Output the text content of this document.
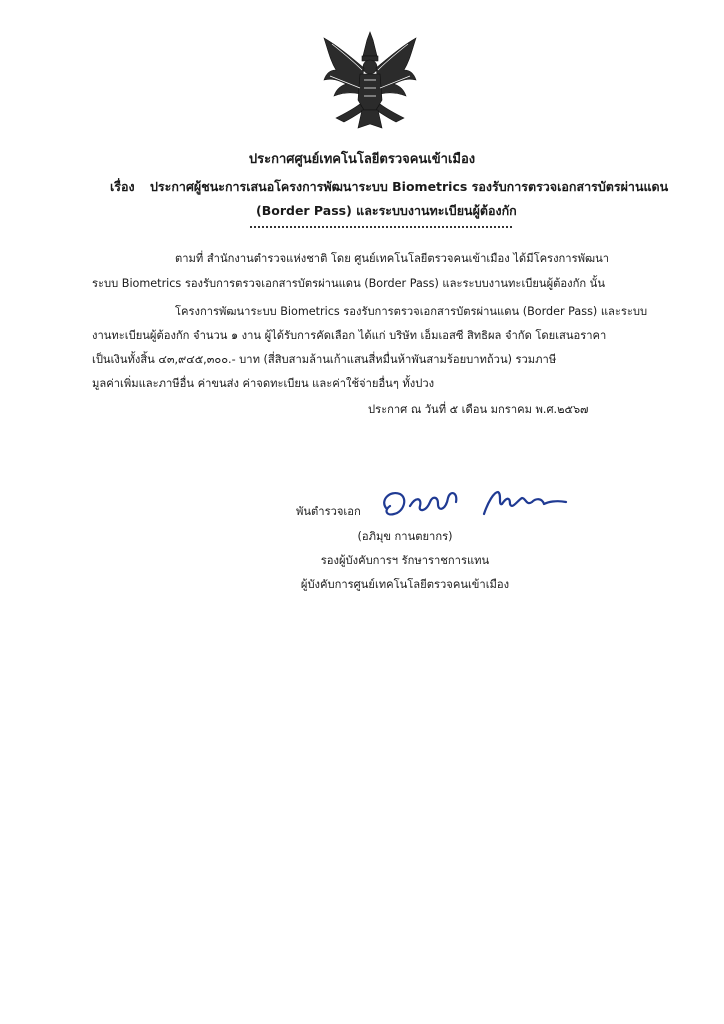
ประกาศศูนย์เทคโนโลยีตรวจคนเข้าเมือง
เรื่อง ประกาศผู้ชนะการเสนอโครงการพัฒนาระบบ Biometrics รองรับการตรวจเอกสารบัตรผ่านแดน
(Border Pass) และระบบงานทะเบียนผู้ต้องกัก
ตามที่ สำนักงานตำรวจแห่งชาติ โดย ศูนย์เทคโนโลยีตรวจคนเข้าเมือง ได้มีโครงการพัฒนา
ระบบ Biometrics รองรับการตรวจเอกสารบัตรผ่านแดน (Border Pass) และระบบงานทะเบียนผู้ต้องกัก นั้น
โครงการพัฒนาระบบ Biometrics รองรับการตรวจเอกสารบัตรผ่านแดน (Border Pass) และระบบ
งานทะเบียนผู้ต้องกัก จำนวน ๑ งาน ผู้ได้รับการคัดเลือก ได้แก่ บริษัท เอ็มเอสซี สิทธิผล จำกัด โดยเสนอราคา
เป็นเงินทั้งสิ้น ๔๓,๙๔๕,๓๐๐.- บาท (สี่สิบสามล้านเก้าแสนสี่หมื่นห้าพันสามร้อยบาทถ้วน) รวมภาษี
มูลค่าเพิ่มและภาษีอื่น ค่าขนส่ง ค่าจดทะเบียน และค่าใช้จ่ายอื่นๆ ทั้งปวง
ประกาศ ณ วันที่ ๕ เดือน มกราคม พ.ศ.๒๕๖๗
พันตำรวจเอก
(อภิมุข กานตยากร)
รองผู้บังคับการฯ รักษาราชการแทน
ผู้บังคับการศูนย์เทคโนโลยีตรวจคนเข้าเมือง
